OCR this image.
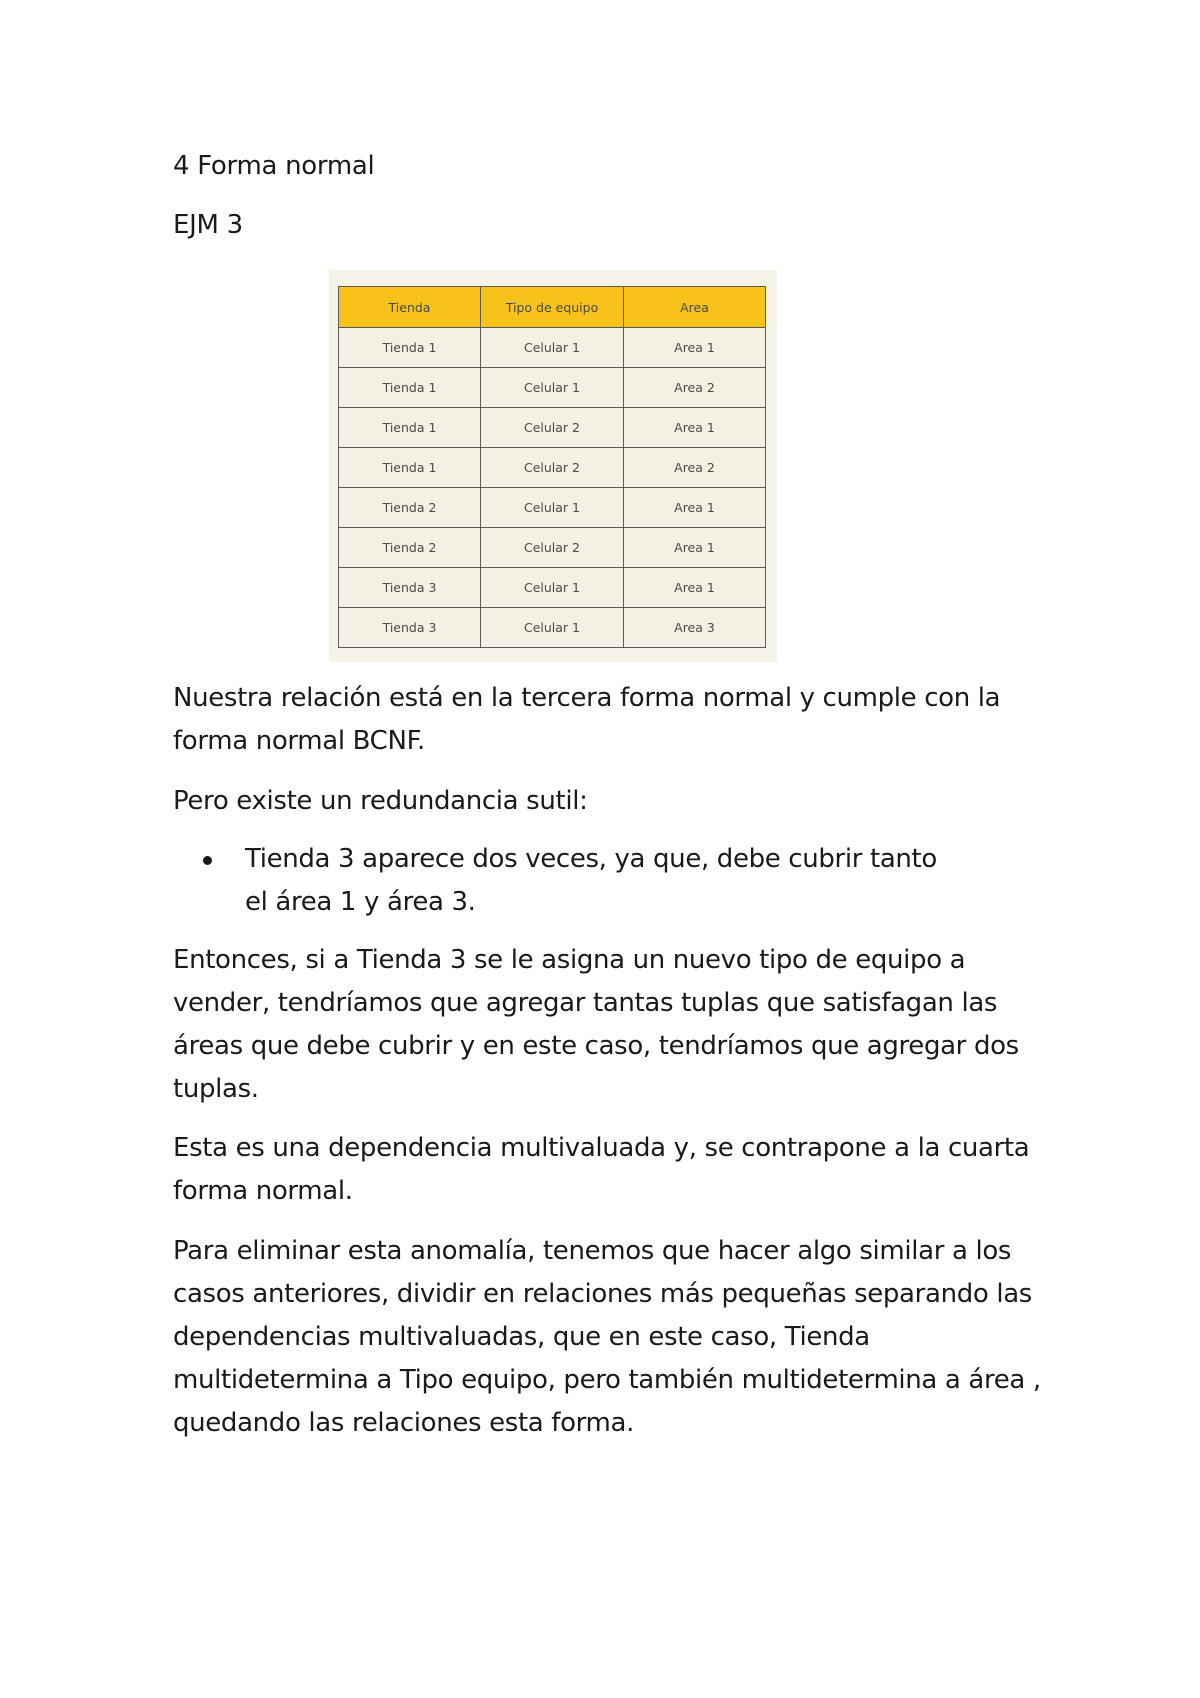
4 Forma normal
EJM 3
Tienda	Tipo de equipo	Area
Tienda 1	Celular 1	Area 1
Tienda 1	Celular 1	Area 2
Tienda 1	Celular 2	Area 1
Tienda 1	Celular 2	Area 2
Tienda 2	Celular 1	Area 1
Tienda 2	Celular 2	Area 1
Tienda 3	Celular 1	Area 1
Tienda 3	Celular 1	Area 3

Nuestra relación está en la tercera forma normal y cumple con la forma normal BCNF.

Pero existe un redundancia sutil:

Tienda 3 aparece dos veces, ya que, debe cubrir tanto el área 1 y área 3.

Entonces, si a Tienda 3 se le asigna un nuevo tipo de equipo a vender, tendríamos que agregar tantas tuplas que satisfagan las áreas que debe cubrir y en este caso, tendríamos que agregar dos tuplas.

Esta es una dependencia multivaluada y, se contrapone a la cuarta forma normal.

Para eliminar esta anomalía, tenemos que hacer algo similar a los casos anteriores, dividir en relaciones más pequeñas separando las dependencias multivaluadas, que en este caso, Tienda multidetermina a Tipo equipo, pero también multidetermina a área , quedando las relaciones esta forma.
